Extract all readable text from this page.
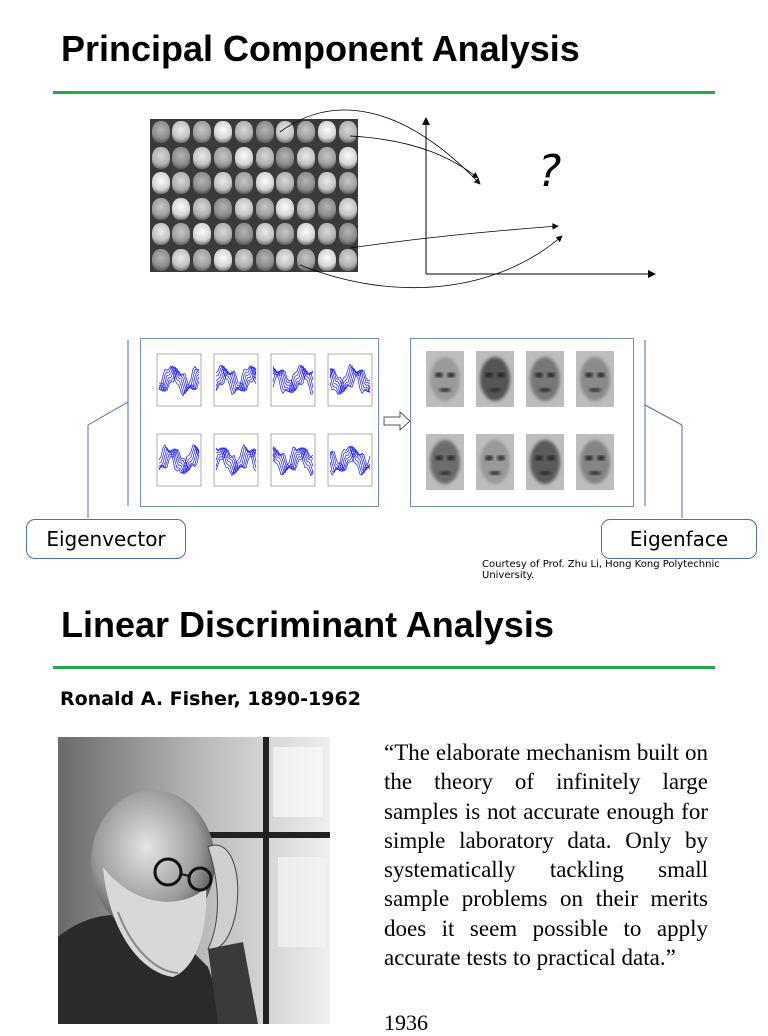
Principal Component Analysis
?
Eigenvector	Eigenface
Courtesy of Prof. Zhu Li, Hong Kong Polytechnic University.
Linear Discriminant Analysis
Ronald A. Fisher, 1890-1962
“The elaborate mechanism built on the theory of infinitely large samples is not accurate enough for simple laboratory data. Only by systematically tackling small sample problems on their merits does it seem possible to apply accurate tests to practical data.”
1936
